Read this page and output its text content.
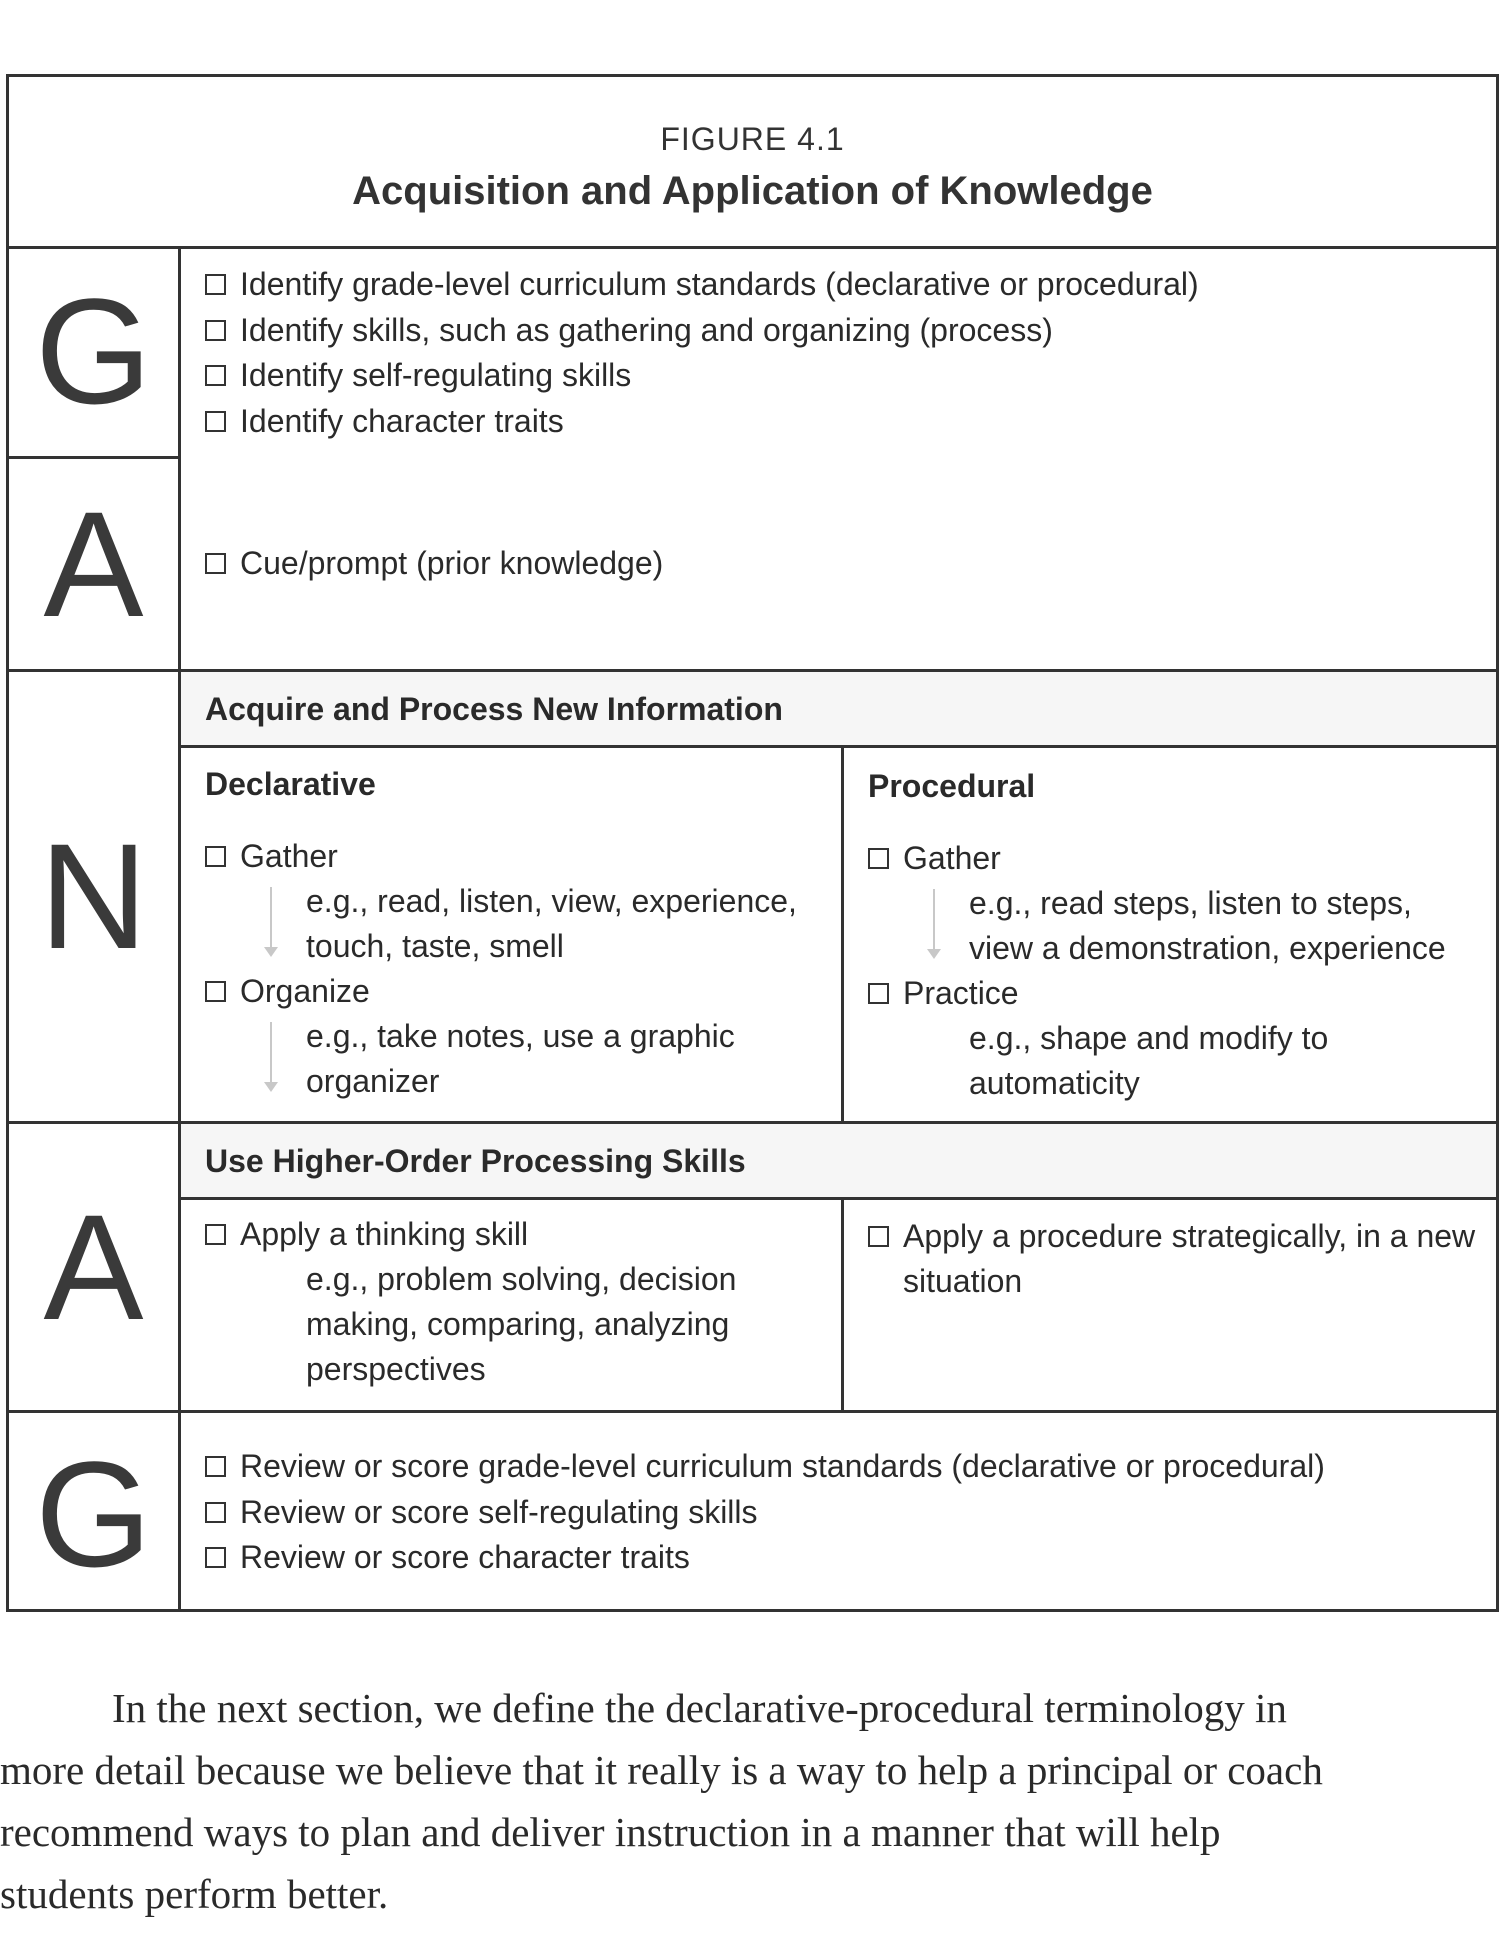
FIGURE 4.1
Acquisition and Application of Knowledge
G
A
N
A
G
Identify grade-level curriculum standards (declarative or procedural)
Identify skills, such as gathering and organizing (process)
Identify self-regulating skills
Identify character traits
Cue/prompt (prior knowledge)
Acquire and Process New Information
Declarative
Gather
e.g., read, listen, view, experience,
touch, taste, smell
Organize
e.g., take notes, use a graphic
organizer
Procedural
Gather
e.g., read steps, listen to steps,
view a demonstration, experience
Practice
e.g., shape and modify to
automaticity
Use Higher-Order Processing Skills
Apply a thinking skill
e.g., problem solving, decision
making, comparing, analyzing
perspectives
Apply a procedure strategically, in a new
situation
Review or score grade-level curriculum standards (declarative or procedural)
Review or score self-regulating skills
Review or score character traits
In the next section, we define the declarative-procedural terminology in
more detail because we believe that it really is a way to help a principal or coach
recommend ways to plan and deliver instruction in a manner that will help
students perform better.
